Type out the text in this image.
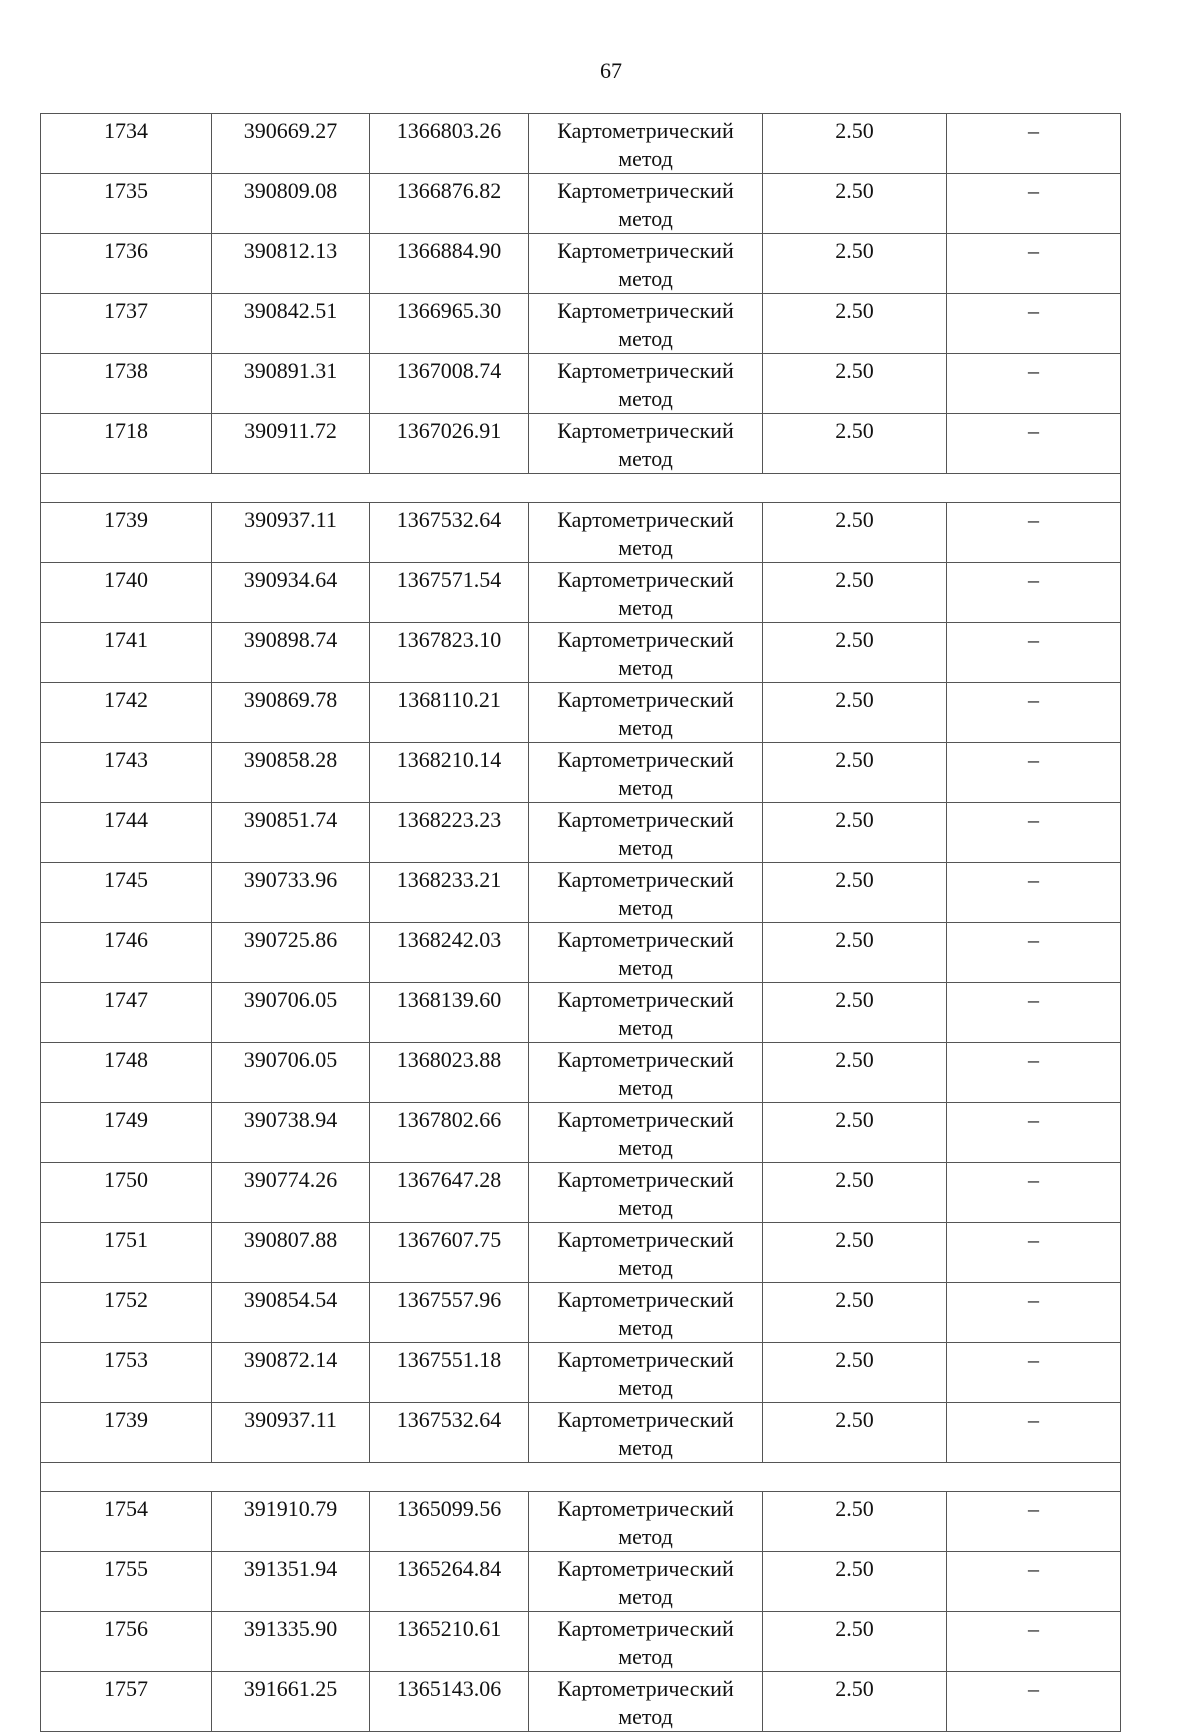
67
1734	390669.27	1366803.26	Картометрический метод	2.50	–
1735	390809.08	1366876.82	Картометрический метод	2.50	–
1736	390812.13	1366884.90	Картометрический метод	2.50	–
1737	390842.51	1366965.30	Картометрический метод	2.50	–
1738	390891.31	1367008.74	Картометрический метод	2.50	–
1718	390911.72	1367026.91	Картометрический метод	2.50	–

1739	390937.11	1367532.64	Картометрический метод	2.50	–
1740	390934.64	1367571.54	Картометрический метод	2.50	–
1741	390898.74	1367823.10	Картометрический метод	2.50	–
1742	390869.78	1368110.21	Картометрический метод	2.50	–
1743	390858.28	1368210.14	Картометрический метод	2.50	–
1744	390851.74	1368223.23	Картометрический метод	2.50	–
1745	390733.96	1368233.21	Картометрический метод	2.50	–
1746	390725.86	1368242.03	Картометрический метод	2.50	–
1747	390706.05	1368139.60	Картометрический метод	2.50	–
1748	390706.05	1368023.88	Картометрический метод	2.50	–
1749	390738.94	1367802.66	Картометрический метод	2.50	–
1750	390774.26	1367647.28	Картометрический метод	2.50	–
1751	390807.88	1367607.75	Картометрический метод	2.50	–
1752	390854.54	1367557.96	Картометрический метод	2.50	–
1753	390872.14	1367551.18	Картометрический метод	2.50	–
1739	390937.11	1367532.64	Картометрический метод	2.50	–

1754	391910.79	1365099.56	Картометрический метод	2.50	–
1755	391351.94	1365264.84	Картометрический метод	2.50	–
1756	391335.90	1365210.61	Картометрический метод	2.50	–
1757	391661.25	1365143.06	Картометрический метод	2.50	–
